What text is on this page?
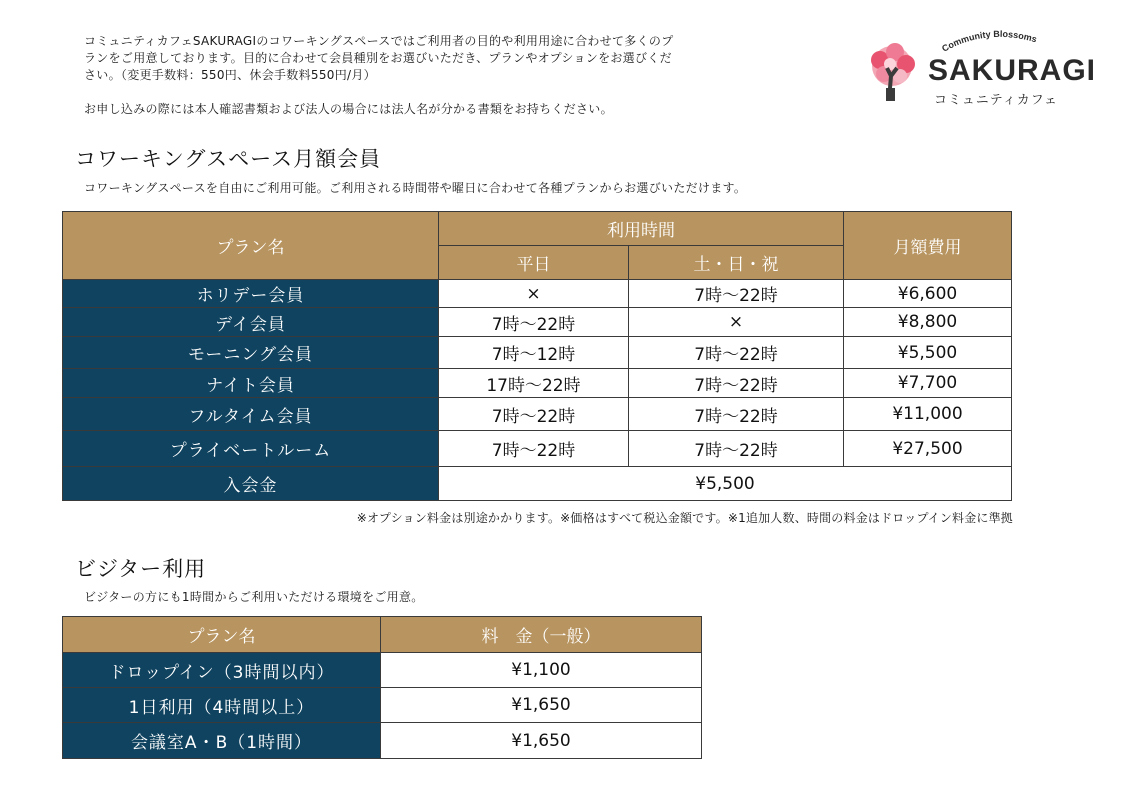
コミュニティカフェSAKURAGIのコワーキングスペースではご利用者の目的や利用用途に合わせて多くのプ

ランをご用意しております。目的に合わせて会員種別をお選びいただき、プランやオプションをお選びくだ

さい。（変更手数料：550円、休会手数料550円/月）

お申し込みの際には本人確認書類および法人の場合には法人名が分かる書類をお持ちください。

Community Blossoms
SAKURAGI
コミュニティカフェ
コワーキングスペース月額会員
コワーキングスペースを自由にご利用可能。ご利用される時間帯や曜日に合わせて各種プランからお選びいただけます。
プラン名	利用時間		月額費用
	平日	土・日・祝	
ホリデー会員	×	7時～22時	¥6,600
デイ会員	7時～22時	×	¥8,800
モーニング会員	7時～12時	7時～22時	¥5,500
ナイト会員	17時～22時	7時～22時	¥7,700
フルタイム会員	7時～22時	7時～22時	¥11,000
プライベートルーム	7時～22時	7時～22時	¥27,500
入会金	¥5,500		
※オプション料金は別途かかります。※価格はすべて税込金額です。※1追加人数、時間の料金はドロップイン料金に準拠
ビジター利用
ビジターの方にも1時間からご利用いただける環境をご用意。
プラン名	料　金（一般）
ドロップイン（3時間以内）	¥1,100
1日利用（4時間以上）	¥1,650
会議室A・B（1時間）	¥1,650
